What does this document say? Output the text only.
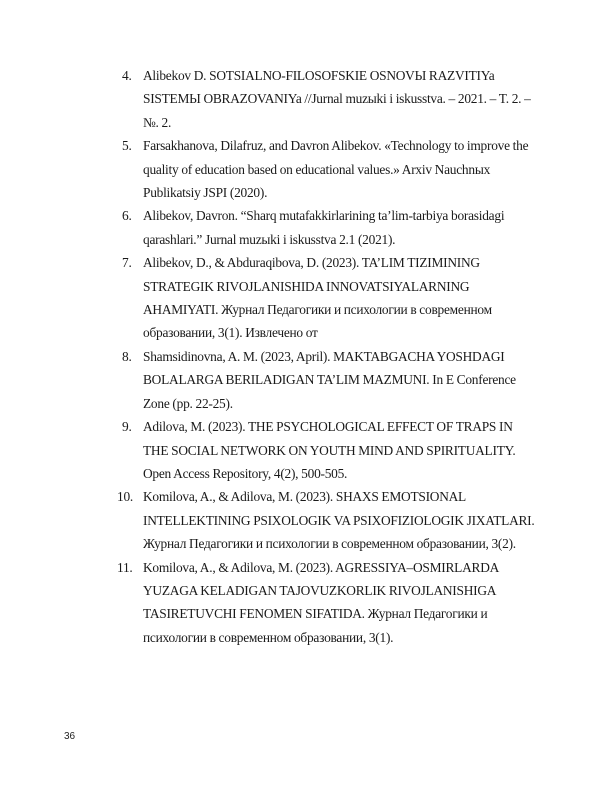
4. Alibekov D. SOTSIALNO-FILOSOFSKIE OSNOVЫ RAZVITIYa SISTEMЫ OBRAZOVANIYa //Jurnal muzыki i iskusstva. – 2021. – T. 2. – №. 2.
5. Farsakhanova, Dilafruz, and Davron Alibekov. «Technology to improve the quality of education based on educational values.» Arxiv Nauchnыx Publikatsiy JSPI (2020).
6. Alibekov, Davron. “Sharq mutafakkirlarining ta’lim-tarbiya borasidagi qarashlari.” Jurnal muzыki i iskusstva 2.1 (2021).
7. Alibekov, D., & Abduraqibova, D. (2023). TA’LIM TIZIMINING STRATEGIK RIVOJLANISHIDA INNOVATSIYALARNING AHAMIYATI. Журнал Педагогики и психологии в современном образовании, 3(1). Извлечено от
8. Shamsidinovna, A. M. (2023, April). MAKTABGACHA YOSHDAGI BOLALARGA BERILADIGAN TA’LIM MAZMUNI. In E Conference Zone (pp. 22-25).
9. Adilova, M. (2023). THE PSYCHOLOGICAL EFFECT OF TRAPS IN THE SOCIAL NETWORK ON YOUTH MIND AND SPIRITUALITY. Open Access Repository, 4(2), 500-505.
10. Komilova, A., & Adilova, M. (2023). SHAXS EMOTSIONAL INTELLEKTINING PSIXOLOGIK VA PSIXOFIZIOLOGIK JIXATLARI. Журнал Педагогики и психологии в современном образовании, 3(2).
11. Komilova, A., & Adilova, M. (2023). AGRESSIYA–OSMIRLARDA YUZAGA KELADIGAN TAJOVUZKORLIK RIVOJLANISHIGA TASIRETUVCHI FENOMEN SIFATIDA. Журнал Педагогики и психологии в современном образовании, 3(1).
36
